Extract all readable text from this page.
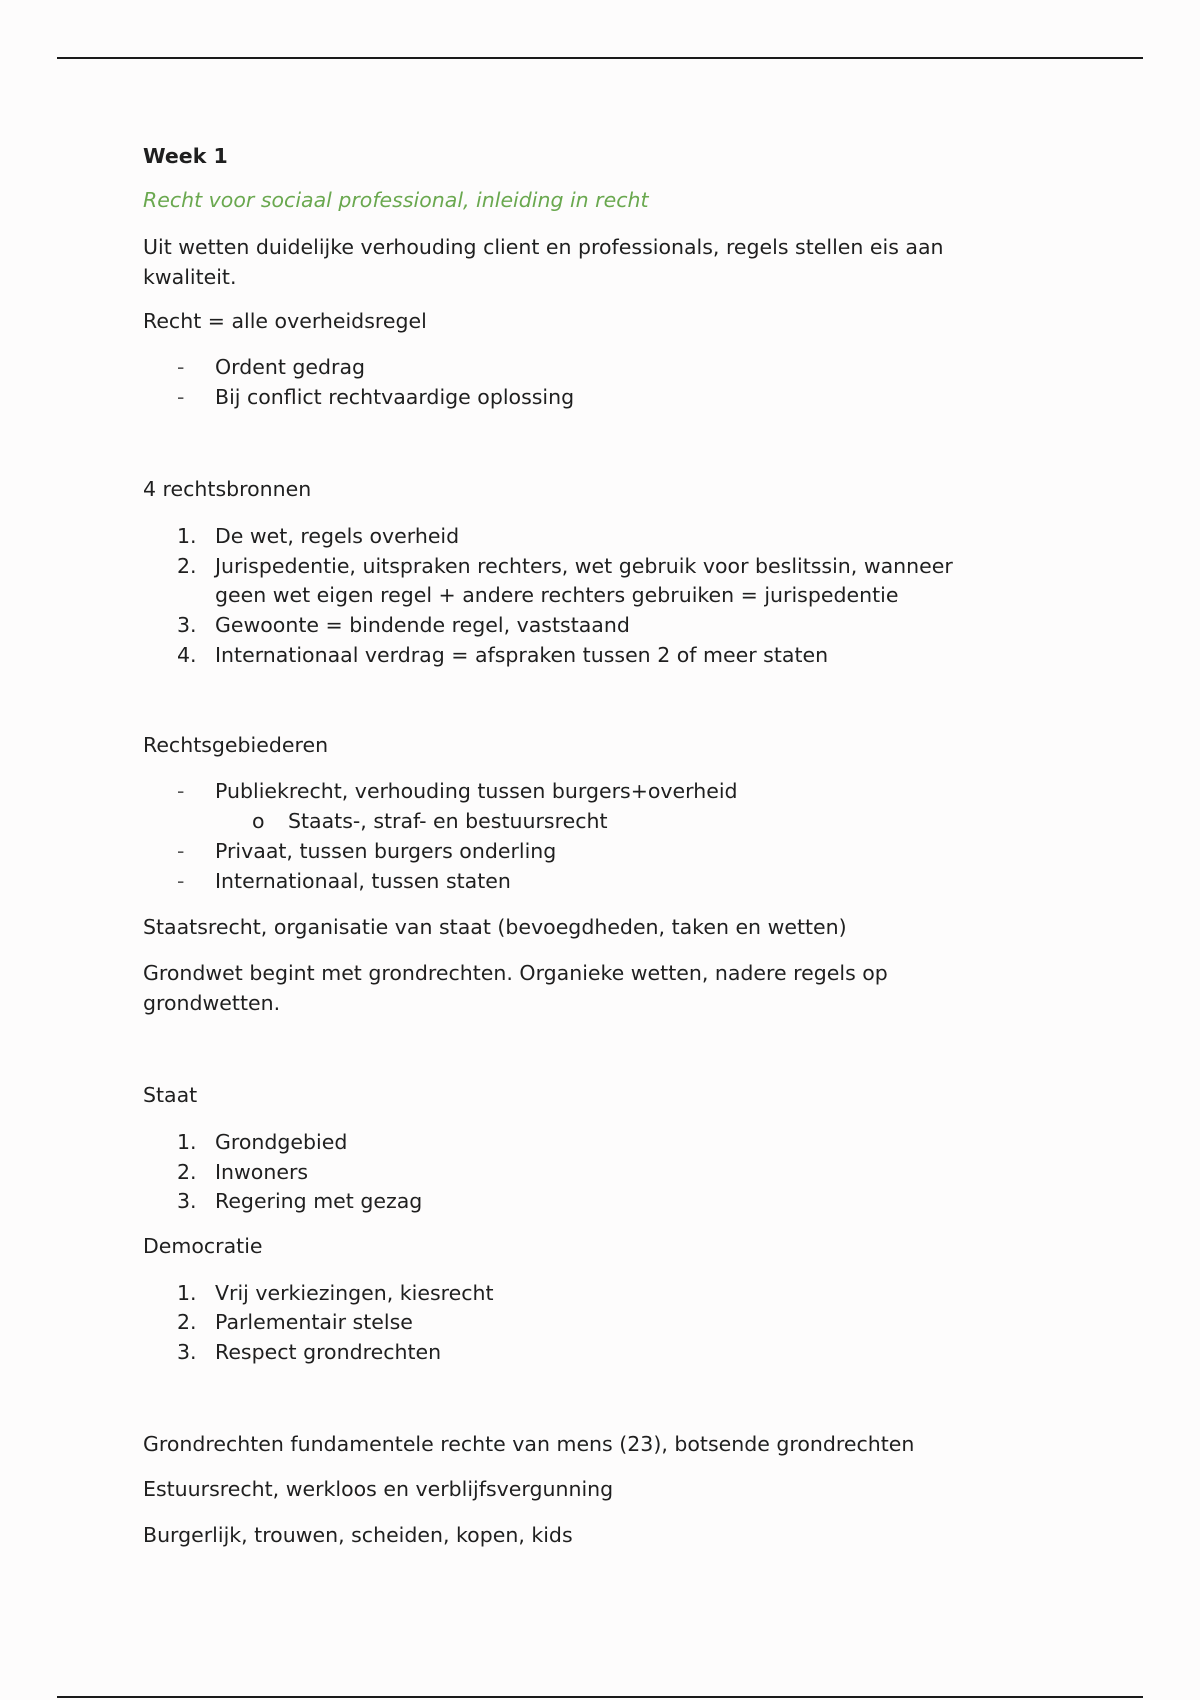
Week 1
Recht voor sociaal professional, inleiding in recht
Uit wetten duidelijke verhouding client en professionals, regels stellen eis aan
kwaliteit.
Recht = alle overheidsregel
- Ordent gedrag
- Bij conflict rechtvaardige oplossing
4 rechtsbronnen
1. De wet, regels overheid
2. Jurispedentie, uitspraken rechters, wet gebruik voor beslitssin, wanneer
geen wet eigen regel + andere rechters gebruiken = jurispedentie
3. Gewoonte = bindende regel, vaststaand
4. Internationaal verdrag = afspraken tussen 2 of meer staten
Rechtsgebiederen
- Publiekrecht, verhouding tussen burgers+overheid
o Staats-, straf- en bestuursrecht
- Privaat, tussen burgers onderling
- Internationaal, tussen staten
Staatsrecht, organisatie van staat (bevoegdheden, taken en wetten)
Grondwet begint met grondrechten. Organieke wetten, nadere regels op
grondwetten.
Staat
1. Grondgebied
2. Inwoners
3. Regering met gezag
Democratie
1. Vrij verkiezingen, kiesrecht
2. Parlementair stelse
3. Respect grondrechten
Grondrechten fundamentele rechte van mens (23), botsende grondrechten
Estuursrecht, werkloos en verblijfsvergunning
Burgerlijk, trouwen, scheiden, kopen, kids
